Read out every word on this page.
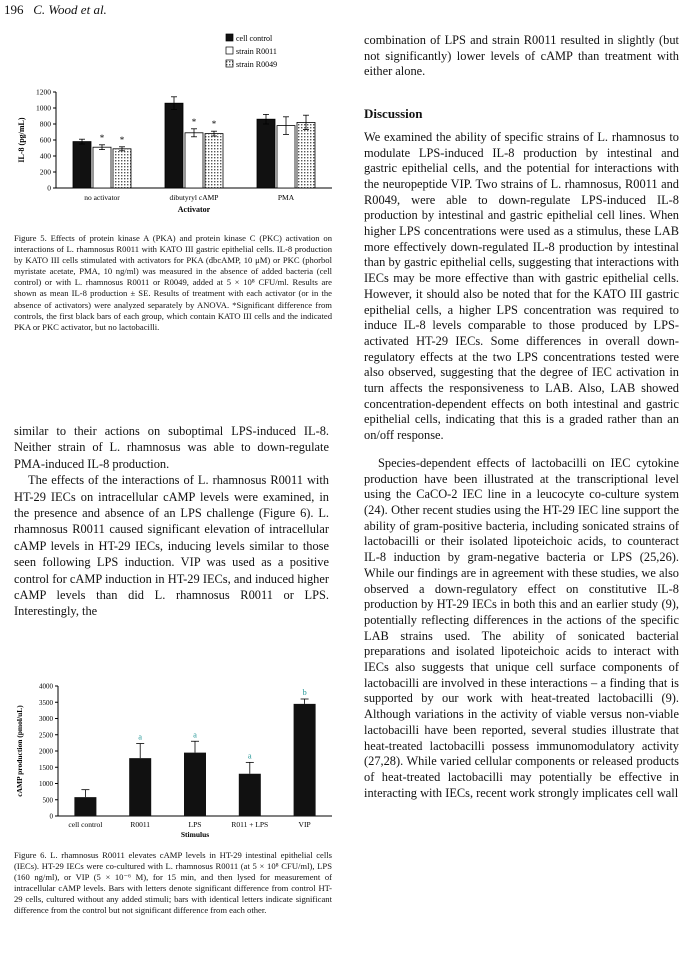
196 C. Wood et al.
0
200
400
600
800
1000
1200
IL-8 (pg/mL)	* *
no activator
* *
dibutyryl cAMP	PMA
Activator
cell control
strain R0011
strain R0049

Figure 5. Effects of protein kinase A (PKA) and protein kinase C (PKC) activation on interactions of L. rhamnosus R0011 with KATO III gastric epithelial cells. IL-8 production by KATO III cells stimulated with activators for PKA (dbcAMP, 10 μM) or PKC (phorbol myristate acetate, PMA, 10 ng/ml) was measured in the absence of added bacteria (cell control) or with L. rhamnosus R0011 or R0049, added at 5 × 10⁸ CFU/ml. Results are shown as mean IL-8 production ± SE. Results of treatment with each activator (or in the absence of activators) were analyzed separately by ANOVA. *Significant difference from controls, the first black bars of each group, which contain KATO III cells and the indicated PKA or PKC activator, but no lactobacilli.

similar to their actions on suboptimal LPS-induced IL-8. Neither strain of L. rhamnosus was able to down-regulate PMA-induced IL-8 production.

The effects of the interactions of L. rhamnosus R0011 with HT-29 IECs on intracellular cAMP levels were examined, in the presence and absence of an LPS challenge (Figure 6). L. rhamnosus R0011 caused significant elevation of intracellular cAMP levels in HT-29 IECs, inducing levels similar to those seen following LPS induction. VIP was used as a positive control for cAMP induction in HT-29 IECs, and induced higher cAMP levels than did L. rhamnosus R0011 or LPS. Interestingly, the

0
500
1000
1500
2000
2500
3000
3500
4000
cAMP production (pmol/uL)
cell control
a
R0011
a
LPS
a
R011 + LPS
b
VIP
Stimulus

Figure 6. L. rhamnosus R0011 elevates cAMP levels in HT-29 intestinal epithelial cells (IECs). HT-29 IECs were co-cultured with L. rhamnosus R0011 (at 5 × 10⁸ CFU/ml), LPS (160 ng/ml), or VIP (5 × 10⁻⁶ M), for 15 min, and then lysed for measurement of intracellular cAMP levels. Bars with letters denote significant difference from control HT-29 cells, cultured without any added stimuli; bars with identical letters indicate significant difference from the control but not significant difference from each other.

combination of LPS and strain R0011 resulted in slightly (but not significantly) lower levels of cAMP than treatment with either alone.

Discussion

We examined the ability of specific strains of L. rhamnosus to modulate LPS-induced IL-8 production by intestinal and gastric epithelial cells, and the potential for interactions with the neuropeptide VIP. Two strains of L. rhamnosus, R0011 and R0049, were able to down-regulate LPS-induced IL-8 production by intestinal and gastric epithelial cell lines. When higher LPS concentrations were used as a stimulus, these LAB more effectively down-regulated IL-8 production by intestinal than by gastric epithelial cells, suggesting that interactions with IECs may be more effective than with gastric epithelial cells. However, it should also be noted that for the KATO III gastric epithelial cells, a higher LPS concentration was required to induce IL-8 levels comparable to those produced by LPS-activated HT-29 IECs. Some differences in overall down-regulatory effects at the two LPS concentrations tested were also observed, suggesting that the degree of IEC activation in turn affects the responsiveness to LAB. Also, LAB showed concentration-dependent effects on both intestinal and gastric epithelial cells, indicating that this is a graded rather than an on/off response.

Species-dependent effects of lactobacilli on IEC cytokine production have been illustrated at the transcriptional level using the CaCO-2 IEC line in a leucocyte co-culture system (24). Other recent studies using the HT-29 IEC line support the ability of gram-positive bacteria, including sonicated strains of lactobacilli or their isolated lipoteichoic acids, to counteract IL-8 induction by gram-negative bacteria or LPS (25,26). While our findings are in agreement with these studies, we also observed a down-regulatory effect on constitutive IL-8 production by HT-29 IECs in both this and an earlier study (9), potentially reflecting differences in the actions of the specific LAB strains used. The ability of sonicated bacterial preparations and isolated lipoteichoic acids to interact with IECs also suggests that unique cell surface components of lactobacilli are involved in these interactions – a finding that is supported by our work with heat-treated lactobacilli (9). Although variations in the activity of viable versus non-viable lactobacilli have been reported, several studies illustrate that heat-treated lactobacilli possess immunomodulatory activity (27,28). While varied cellular components or released products of heat-treated lactobacilli may potentially be effective in interacting with IECs, recent work strongly implicates cell wall
